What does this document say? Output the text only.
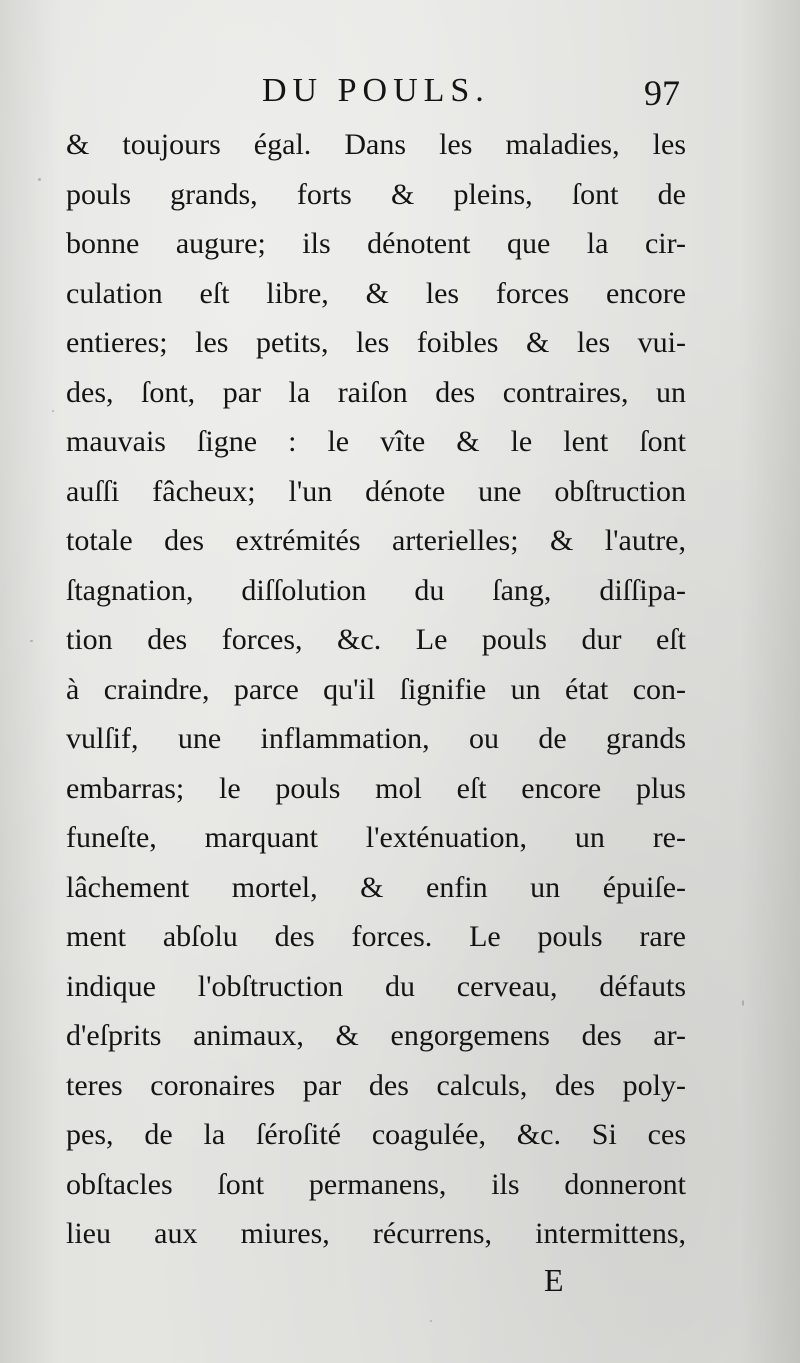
DU POULS.	97
& toujours égal. Dans les maladies, les
pouls grands, forts & pleins, ſont de
bonne augure; ils dénotent que la cir-
culation eſt libre, & les forces encore
entieres; les petits, les foibles & les vui-
des, ſont, par la raiſon des contraires, un
mauvais ſigne : le vîte & le lent ſont
auſſi fâcheux; l'un dénote une obſtruction
totale des extrémités arterielles; & l'autre,
ſtagnation, diſſolution du ſang, diſſipa-
tion des forces, &c. Le pouls dur eſt
à craindre, parce qu'il ſignifie un état con-
vulſif, une inflammation, ou de grands
embarras; le pouls mol eſt encore plus
funeſte, marquant l'exténuation, un re-
lâchement mortel, & enfin un épuiſe-
ment abſolu des forces. Le pouls rare
indique l'obſtruction du cerveau, défauts
d'eſprits animaux, & engorgemens des ar-
teres coronaires par des calculs, des poly-
pes, de la ſéroſité coagulée, &c. Si ces
obſtacles ſont permanens, ils donneront
lieu aux miures, récurrens, intermittens,
E
